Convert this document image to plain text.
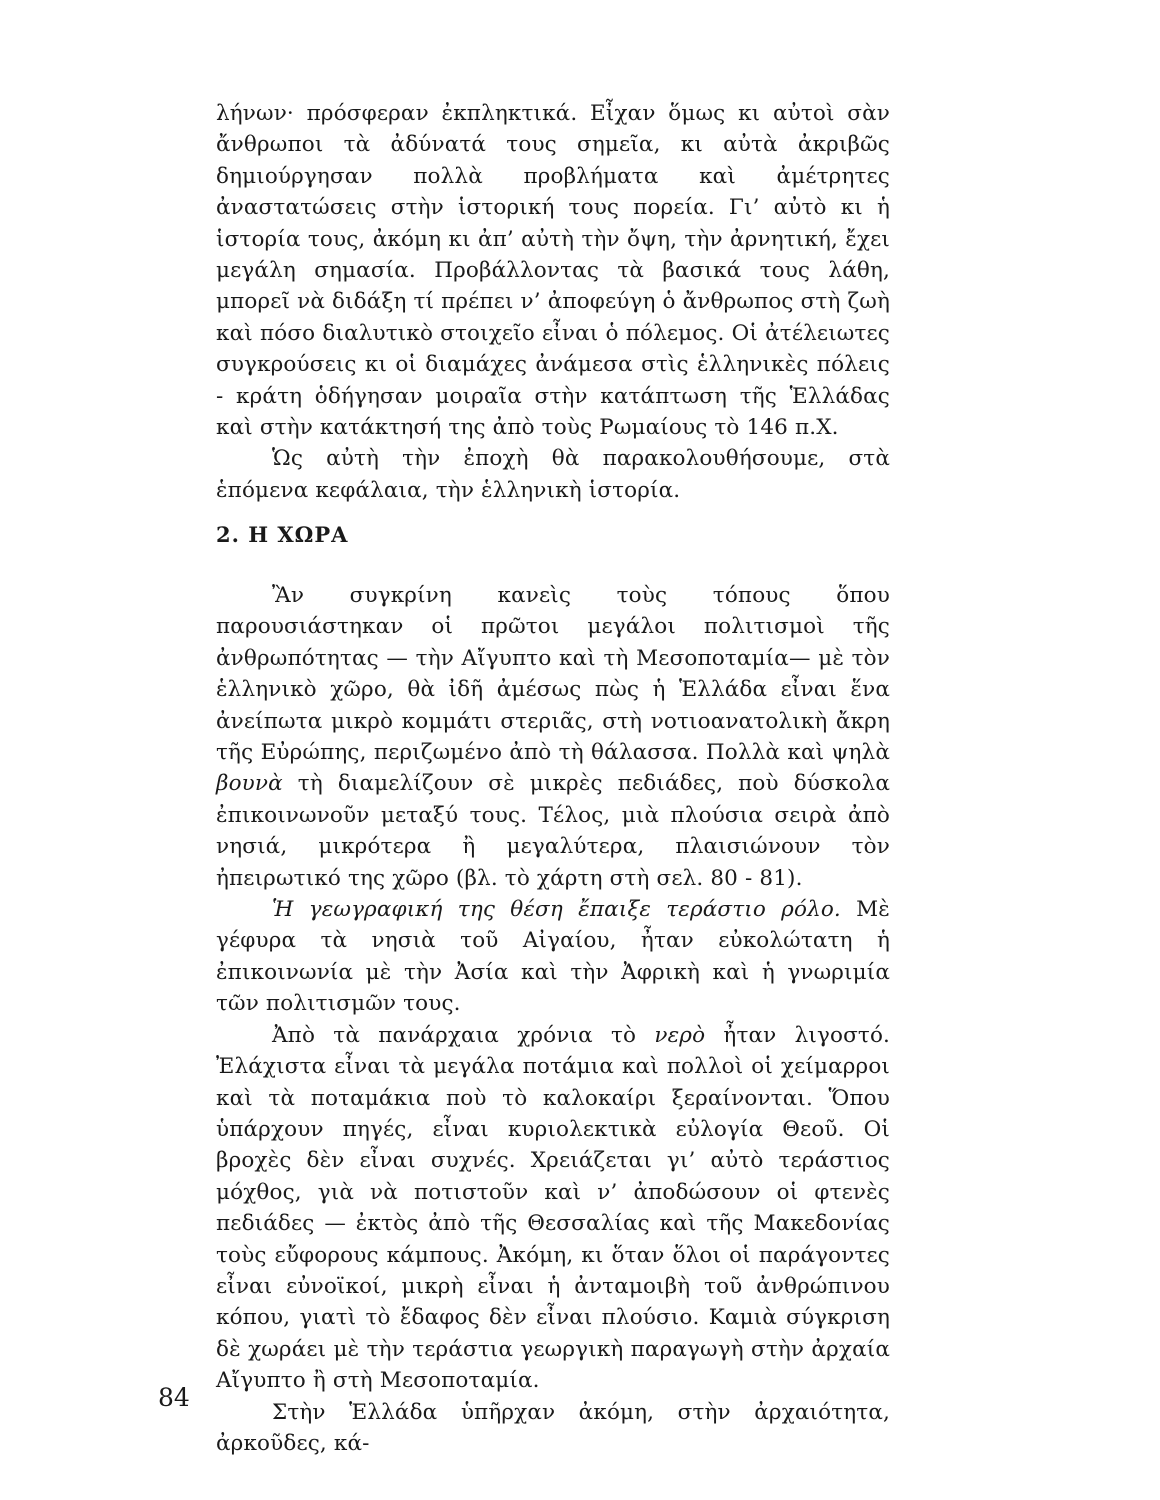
λήνων· πρόσφεραν ἐκπληκτικά. Εἶχαν ὅμως κι αὐτοὶ σὰν ἄνθρωποι τὰ ἀδύνατά τους σημεῖα, κι αὐτὰ ἀκριβῶς δημιούργησαν πολλὰ προβλήματα καὶ ἀμέτρητες ἀναστατώσεις στὴν ἱστορική τους πορεία. Γι’ αὐτὸ κι ἡ ἱστορία τους, ἀκόμη κι ἀπ’ αὐτὴ τὴν ὄψη, τὴν ἀρνητική, ἔχει μεγάλη σημασία. Προβάλλοντας τὰ βασικά τους λάθη, μπορεῖ νὰ διδάξη τί πρέπει ν’ ἀποφεύγη ὁ ἄνθρωπος στὴ ζωὴ καὶ πόσο διαλυτικὸ στοιχεῖο εἶναι ὁ πόλεμος. Οἱ ἀτέλειωτες συγκρούσεις κι οἱ διαμάχες ἀνάμεσα στὶς ἑλληνικὲς πόλεις - κράτη ὁδήγησαν μοιραῖα στὴν κατάπτωση τῆς Ἑλλάδας καὶ στὴν κατάκτησή της ἀπὸ τοὺς Ρωμαίους τὸ 146 π.Χ.

Ὡς αὐτὴ τὴν ἐποχὴ θὰ παρακολουθήσουμε, στὰ ἑπόμενα κεφάλαια, τὴν ἑλληνικὴ ἱστορία.

2. Η ΧΩΡΑ

Ἂν συγκρίνη κανεὶς τοὺς τόπους ὅπου παρουσιάστηκαν οἱ πρῶτοι μεγάλοι πολιτισμοὶ τῆς ἀνθρωπότητας — τὴν Αἴγυπτο καὶ τὴ Μεσοποταμία— μὲ τὸν ἑλληνικὸ χῶρο, θὰ ἰδῆ ἀμέσως πὼς ἡ Ἑλλάδα εἶναι ἕνα ἀνείπωτα μικρὸ κομμάτι στεριᾶς, στὴ νοτιοανατολικὴ ἄκρη τῆς Εὐρώπης, περιζωμένο ἀπὸ τὴ θάλασσα. Πολλὰ καὶ ψηλὰ βουνὰ τὴ διαμελίζουν σὲ μικρὲς πεδιάδες, ποὺ δύσκολα ἐπικοινωνοῦν μεταξύ τους. Τέλος, μιὰ πλούσια σειρὰ ἀπὸ νησιά, μικρότερα ἢ μεγαλύτερα, πλαισιώνουν τὸν ἠπειρωτικό της χῶρο (βλ. τὸ χάρτη στὴ σελ. 80 - 81).

Ἡ γεωγραφική της θέση ἔπαιξε τεράστιο ρόλο. Μὲ γέφυρα τὰ νησιὰ τοῦ Αἰγαίου, ἦταν εὐκολώτατη ἡ ἐπικοινωνία μὲ τὴν Ἀσία καὶ τὴν Ἀφρικὴ καὶ ἡ γνωριμία τῶν πολιτισμῶν τους.

Ἀπὸ τὰ πανάρχαια χρόνια τὸ νερὸ ἦταν λιγοστό. Ἐλάχιστα εἶναι τὰ μεγάλα ποτάμια καὶ πολλοὶ οἱ χείμαρροι καὶ τὰ ποταμάκια ποὺ τὸ καλοκαίρι ξεραίνονται. Ὅπου ὑπάρχουν πηγές, εἶναι κυριολεκτικὰ εὐλογία Θεοῦ. Οἱ βροχὲς δὲν εἶναι συχνές. Χρειάζεται γι’ αὐτὸ τεράστιος μόχθος, γιὰ νὰ ποτιστοῦν καὶ ν’ ἀποδώσουν οἱ φτενὲς πεδιάδες — ἐκτὸς ἀπὸ τῆς Θεσσαλίας καὶ τῆς Μακεδονίας τοὺς εὔφορους κάμπους. Ἀκόμη, κι ὅταν ὅλοι οἱ παράγοντες εἶναι εὐνοϊκοί, μικρὴ εἶναι ἡ ἀνταμοιβὴ τοῦ ἀνθρώπινου κόπου, γιατὶ τὸ ἔδαφος δὲν εἶναι πλούσιο. Καμιὰ σύγκριση δὲ χωράει μὲ τὴν τεράστια γεωργικὴ παραγωγὴ στὴν ἀρχαία Αἴγυπτο ἢ στὴ Μεσοποταμία.

Στὴν Ἑλλάδα ὑπῆρχαν ἀκόμη, στὴν ἀρχαιότητα, ἀρκοῦδες, κά-

84
